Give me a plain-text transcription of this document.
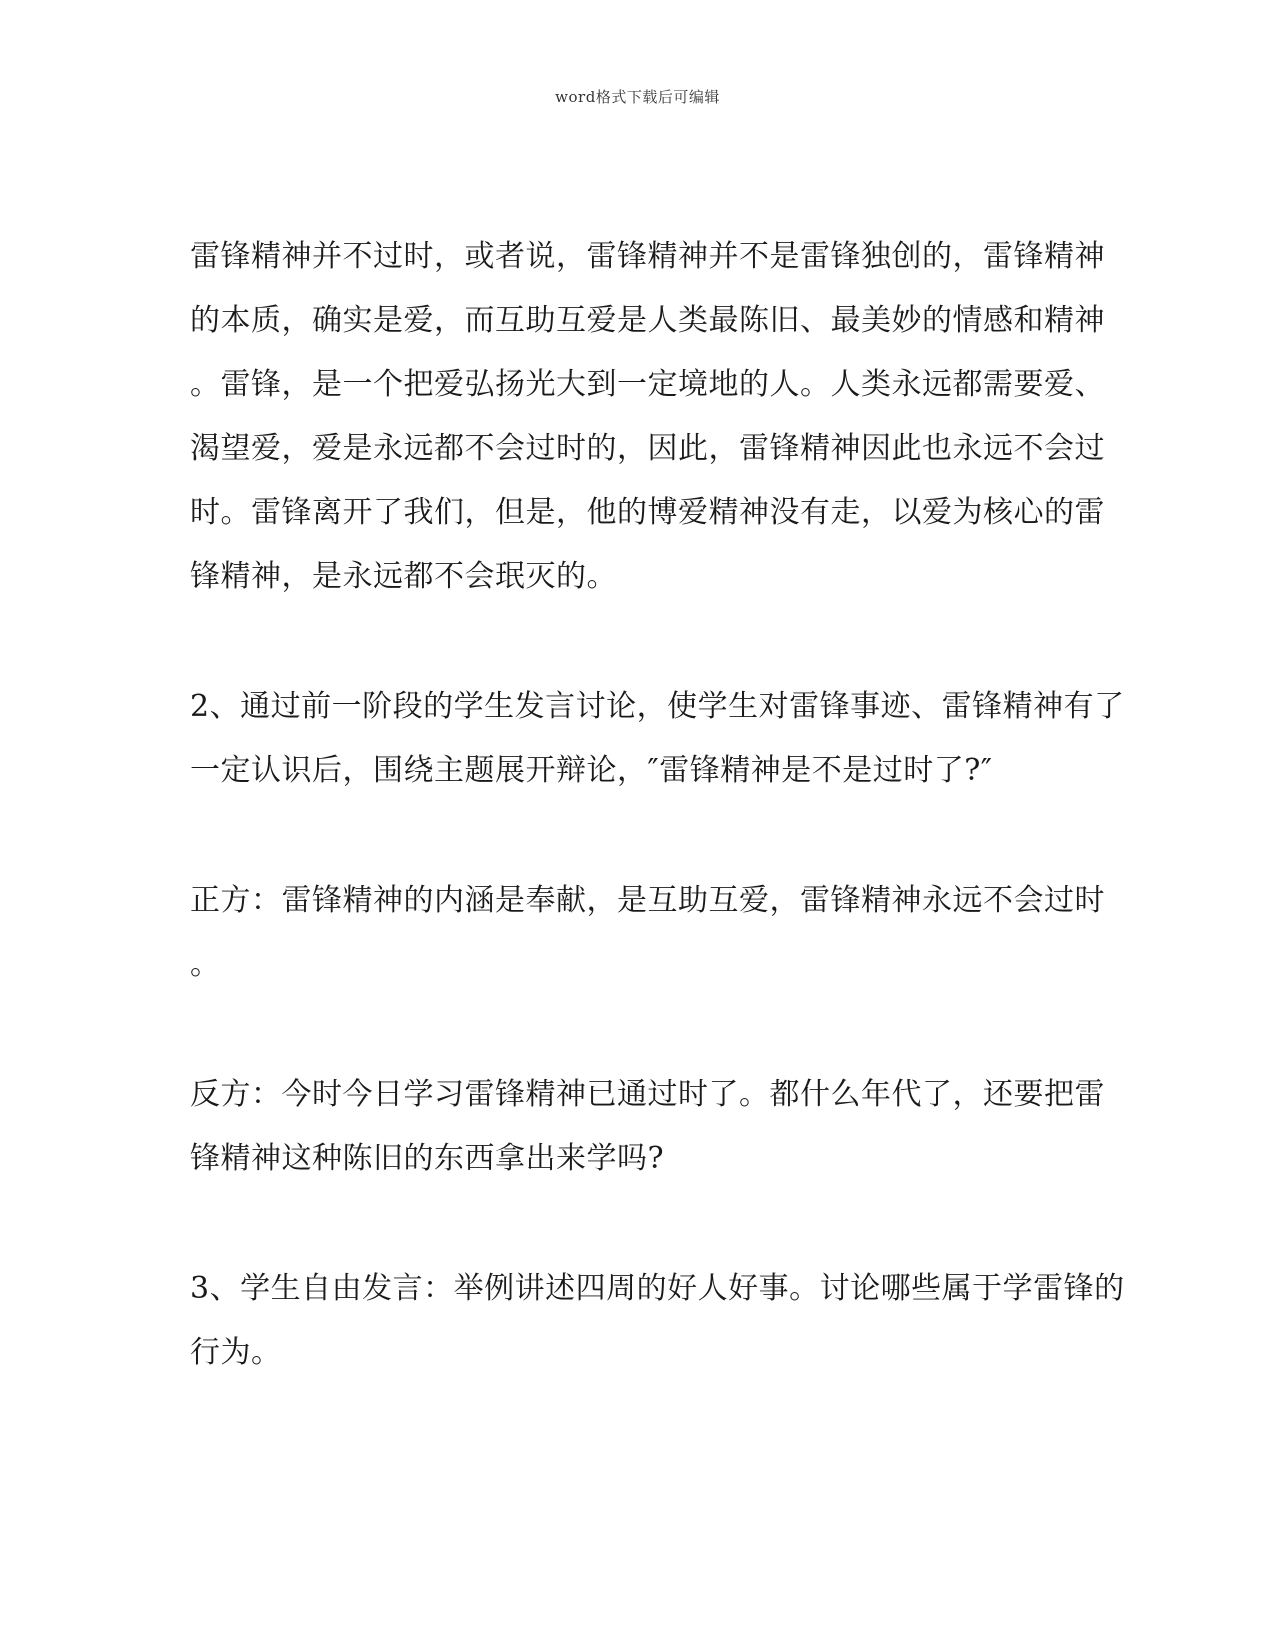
word格式下载后可编辑

雷锋精神并不过时，或者说，雷锋精神并不是雷锋独创的，雷锋精神
的本质，确实是爱，而互助互爱是人类最陈旧、最美妙的情感和精神
。雷锋，是一个把爱弘扬光大到一定境地的人。人类永远都需要爱、
渴望爱，爱是永远都不会过时的，因此，雷锋精神因此也永远不会过
时。雷锋离开了我们，但是，他的博爱精神没有走，以爱为核心的雷
锋精神，是永远都不会珉灭的。

2、通过前一阶段的学生发言讨论，使学生对雷锋事迹、雷锋精神有了
一定认识后，围绕主题展开辩论，″雷锋精神是不是过时了?″

正方：雷锋精神的内涵是奉献，是互助互爱，雷锋精神永远不会过时
。

反方：今时今日学习雷锋精神已通过时了。都什么年代了，还要把雷
锋精神这种陈旧的东西拿出来学吗?

3、学生自由发言：举例讲述四周的好人好事。讨论哪些属于学雷锋的
行为。
